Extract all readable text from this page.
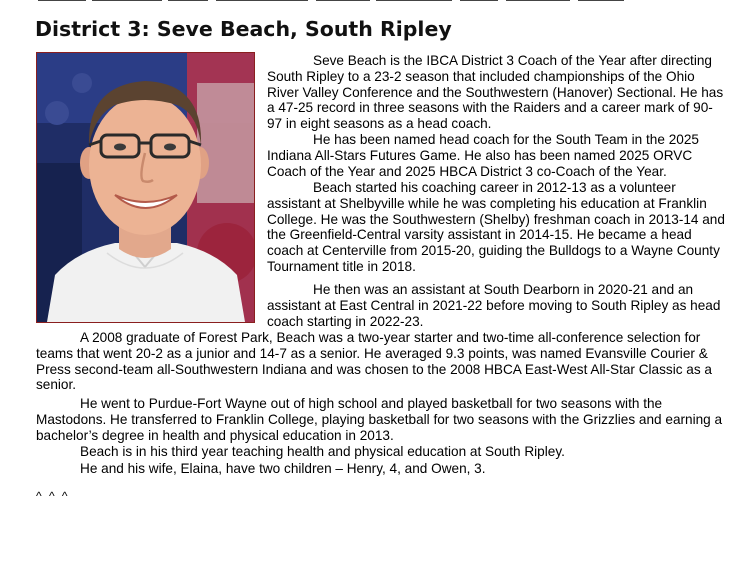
District 3: Seve Beach, South Ripley

Seve Beach is the IBCA District 3 Coach of the Year after directing South Ripley to a 23-2 season that included championships of the Ohio River Valley Conference and the Southwestern (Hanover) Sectional. He has a 47-25 record in three seasons with the Raiders and a career mark of 90-97 in eight seasons as a head coach.

He has been named head coach for the South Team in the 2025 Indiana All-Stars Futures Game. He also has been named 2025 ORVC Coach of the Year and 2025 HBCA District 3 co-Coach of the Year.

Beach started his coaching career in 2012-13 as a volunteer assistant at Shelbyville while he was completing his education at Franklin College. He was the Southwestern (Shelby) freshman coach in 2013-14 and the Greenfield-Central varsity assistant in 2014-15. He became a head coach at Centerville from 2015-20, guiding the Bulldogs to a Wayne County Tournament title in 2018.

He then was an assistant at South Dearborn in 2020-21 and an assistant at East Central in 2021-22 before moving to South Ripley as head coach starting in 2022-23.

A 2008 graduate of Forest Park, Beach was a two-year starter and two-time all-conference selection for teams that went 20-2 as a junior and 14-7 as a senior. He averaged 9.3 points, was named Evansville Courier & Press second-team all-Southwestern Indiana and was chosen to the 2008 HBCA East-West All-Star Classic as a senior.

He went to Purdue-Fort Wayne out of high school and played basketball for two seasons with the Mastodons. He transferred to Franklin College, playing basketball for two seasons with the Grizzlies and earning a bachelor’s degree in health and physical education in 2013.

Beach is in his third year teaching health and physical education at South Ripley.

He and his wife, Elaina, have two children – Henry, 4, and Owen, 3.

^ ^ ^
